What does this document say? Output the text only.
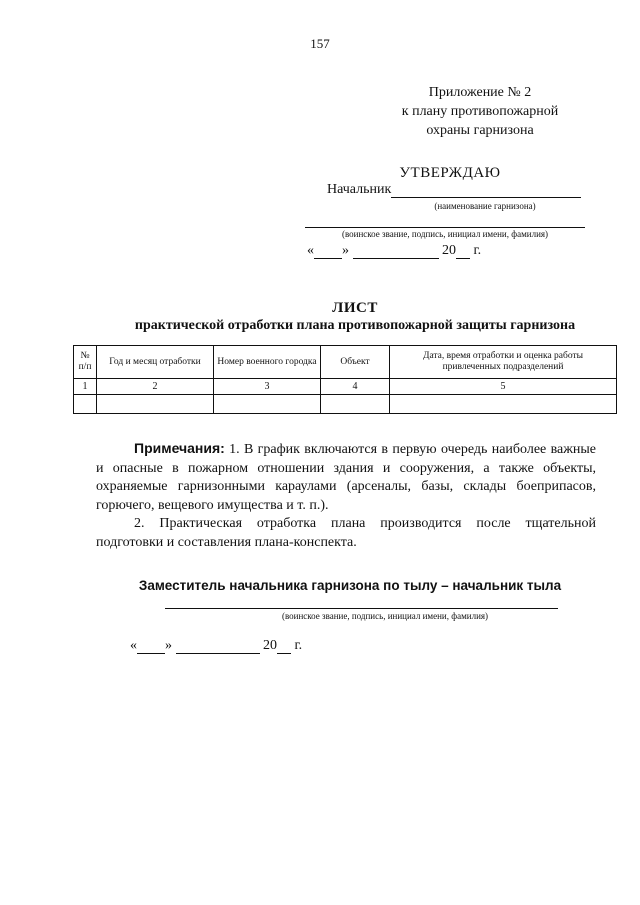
157
Приложение № 2
к плану противопожарной
охраны гарнизона
УТВЕРЖДАЮ
Начальник
(наименование гарнизона)
(воинское звание, подпись, инициал имени, фамилия)
« »	20 г.
ЛИСТ
практической отработки плана противопожарной защиты гарнизона
№ п/п	Год и месяц отработки	Номер военного городка	Объект	Дата, время отработки и оценка работы привлеченных подразделений
1	2	3	4	5

Примечания: 1. В график включаются в первую очередь наиболее важные и опасные в пожарном отношении здания и сооружения, а также объекты, охраняемые гарнизонными караулами (арсеналы, базы, склады боеприпасов, горючего, вещевого имущества и т. п.).

2. Практическая отработка плана производится после тщательной подготовки и составления плана-конспекта.

Заместитель начальника гарнизона по тылу – начальник тыла
(воинское звание, подпись, инициал имени, фамилия)
« »	20 г.
